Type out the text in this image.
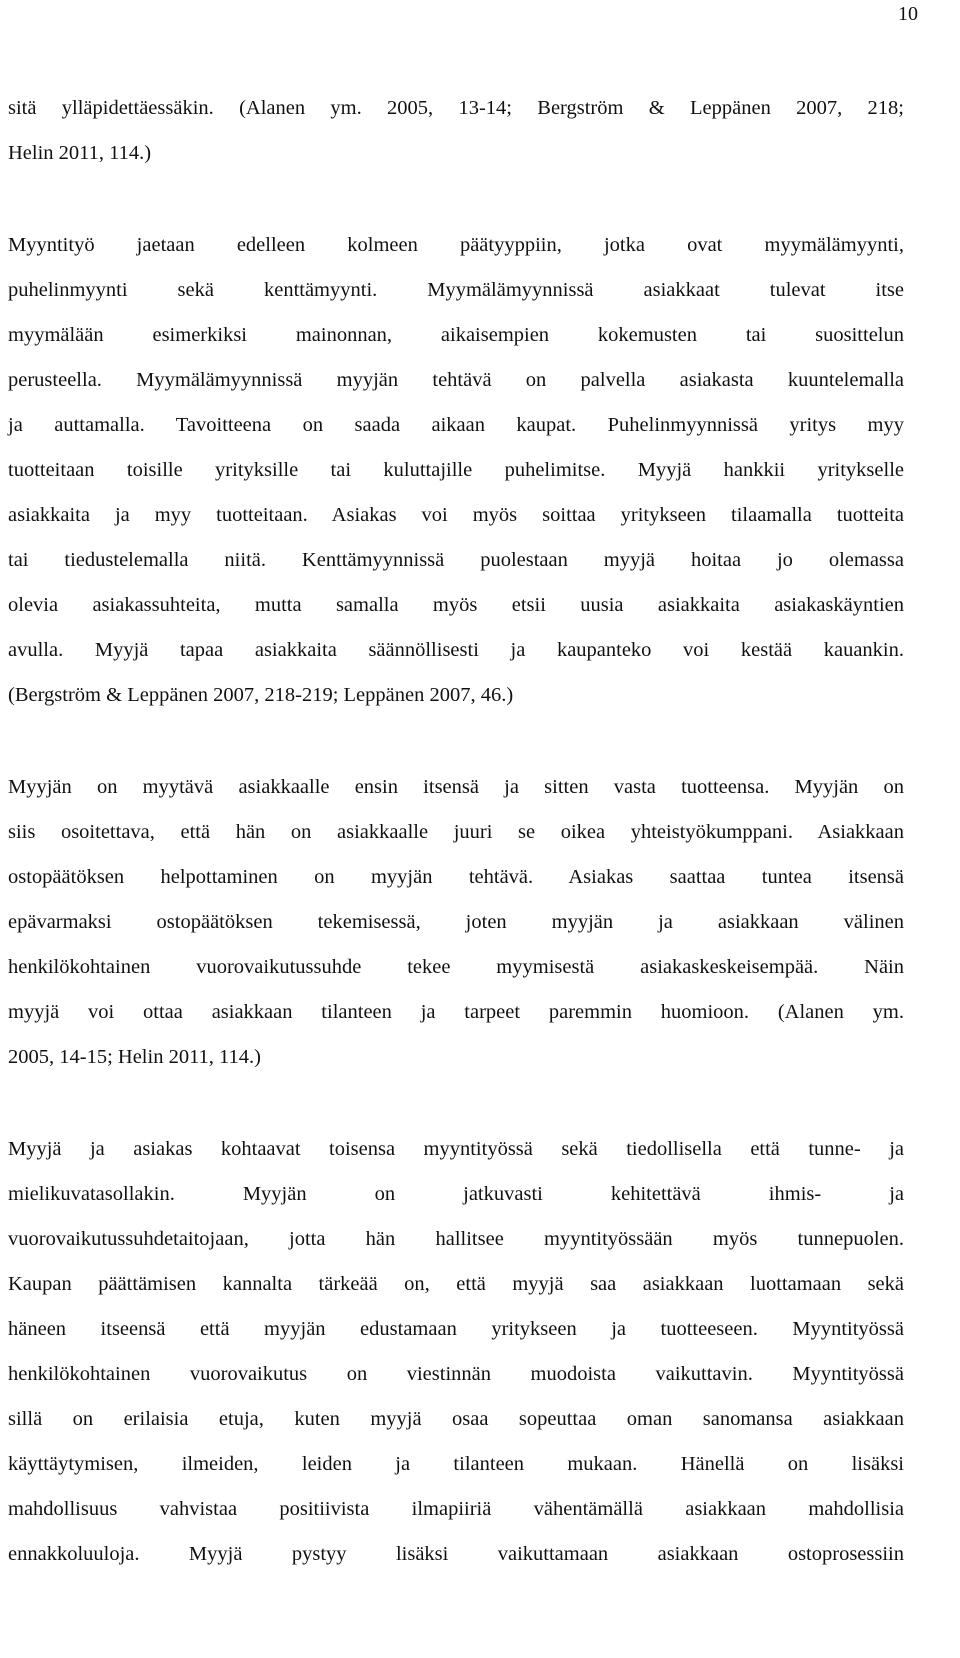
10
sitä ylläpidettäessäkin. (Alanen ym. 2005, 13-14; Bergström & Leppänen 2007, 218;
Helin 2011, 114.)
Myyntityö jaetaan edelleen kolmeen päätyyppiin, jotka ovat myymälämyynti,
puhelinmyynti sekä kenttämyynti. Myymälämyynnissä asiakkaat tulevat itse
myymälään esimerkiksi mainonnan, aikaisempien kokemusten tai suosittelun
perusteella. Myymälämyynnissä myyjän tehtävä on palvella asiakasta kuuntelemalla
ja auttamalla. Tavoitteena on saada aikaan kaupat. Puhelinmyynnissä yritys myy
tuotteitaan toisille yrityksille tai kuluttajille puhelimitse. Myyjä hankkii yritykselle
asiakkaita ja myy tuotteitaan. Asiakas voi myös soittaa yritykseen tilaamalla tuotteita
tai tiedustelemalla niitä. Kenttämyynnissä puolestaan myyjä hoitaa jo olemassa
olevia asiakassuhteita, mutta samalla myös etsii uusia asiakkaita asiakaskäyntien
avulla. Myyjä tapaa asiakkaita säännöllisesti ja kaupanteko voi kestää kauankin.
(Bergström & Leppänen 2007, 218-219; Leppänen 2007, 46.)
Myyjän on myytävä asiakkaalle ensin itsensä ja sitten vasta tuotteensa. Myyjän on
siis osoitettava, että hän on asiakkaalle juuri se oikea yhteistyökumppani. Asiakkaan
ostopäätöksen helpottaminen on myyjän tehtävä. Asiakas saattaa tuntea itsensä
epävarmaksi ostopäätöksen tekemisessä, joten myyjän ja asiakkaan välinen
henkilökohtainen vuorovaikutussuhde tekee myymisestä asiakaskeskeisempää. Näin
myyjä voi ottaa asiakkaan tilanteen ja tarpeet paremmin huomioon. (Alanen ym.
2005, 14-15; Helin 2011, 114.)
Myyjä ja asiakas kohtaavat toisensa myyntityössä sekä tiedollisella että tunne- ja
mielikuvatasollakin. Myyjän on jatkuvasti kehitettävä ihmis- ja
vuorovaikutussuhdetaitojaan, jotta hän hallitsee myyntityössään myös tunnepuolen.
Kaupan päättämisen kannalta tärkeää on, että myyjä saa asiakkaan luottamaan sekä
häneen itseensä että myyjän edustamaan yritykseen ja tuotteeseen. Myyntityössä
henkilökohtainen vuorovaikutus on viestinnän muodoista vaikuttavin. Myyntityössä
sillä on erilaisia etuja, kuten myyjä osaa sopeuttaa oman sanomansa asiakkaan
käyttäytymisen, ilmeiden, leiden ja tilanteen mukaan. Hänellä on lisäksi
mahdollisuus vahvistaa positiivista ilmapiiriä vähentämällä asiakkaan mahdollisia
ennakkoluuloja. Myyjä pystyy lisäksi vaikuttamaan asiakkaan ostoprosessiin
